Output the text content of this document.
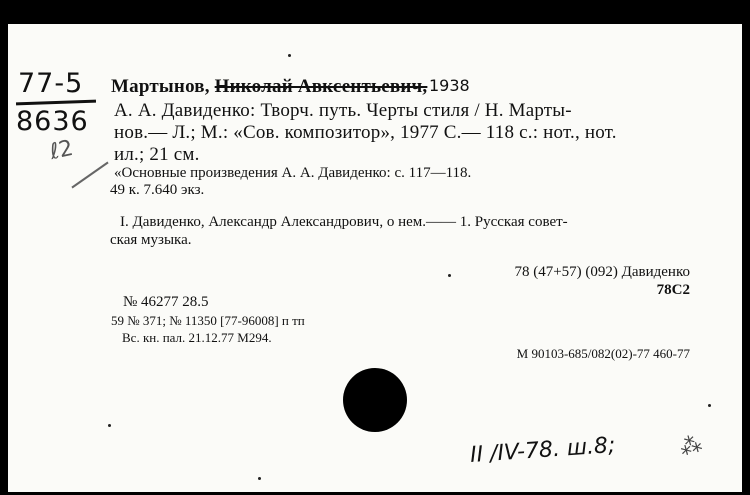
77-5
8636
ℓ2
Мартынов, Николай Авксентьевич, 1938
А. А. Давиденко: Творч. путь. Черты стиля / Н. Марты-
нов.— Л.; М.: «Сов. композитор», 1977 С.— 118 с.: нот., нот.
ил.; 21 см.
«Основные произведения А. А. Давиденко: с. 117—118.
49 к. 7.640 экз.
I. Давиденко, Александр Александрович, о нем.—— 1. Русская совет-
ская музыка.
78 (47+57) (092) Давиденко
78С2
№ 46277 28.5
59 № 371; № 11350 [77-96008] п тп
Вс. кн. пал. 21.12.77 М294.
М 90103-685/082(02)-77 460-77
II /IV-78. ш.8;	⁂
